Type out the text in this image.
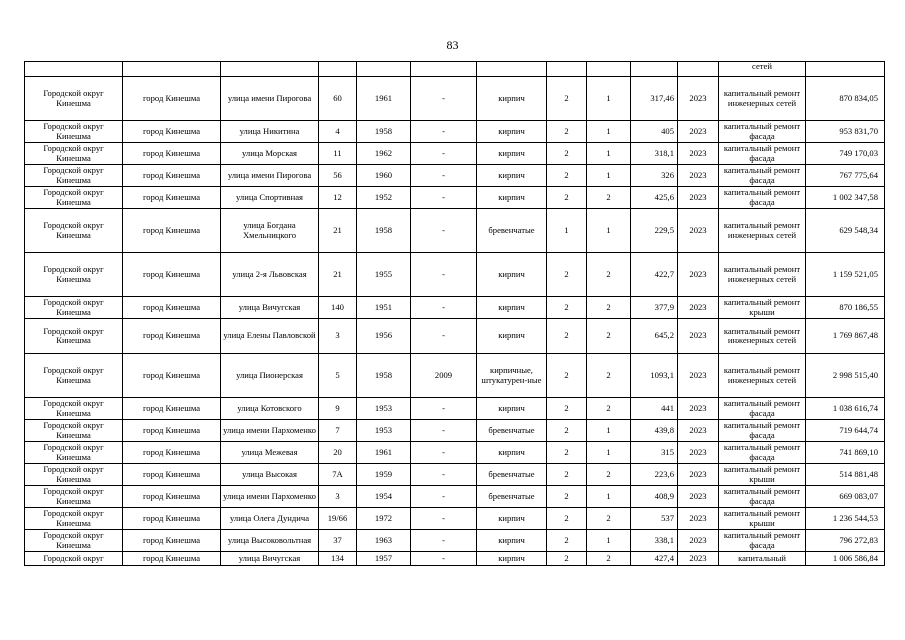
83
											сетей	
Городской округ Кинешма	город Кинешма	улица имени Пирогова	60	1961	-	кирпич	2	1	317,46	2023	капитальный ремонт инженерных сетей	870 834,05
Городской округ Кинешма	город Кинешма	улица Никитина	4	1958	-	кирпич	2	1	405	2023	капитальный ремонт фасада	953 831,70
Городской округ Кинешма	город Кинешма	улица Морская	11	1962	-	кирпич	2	1	318,1	2023	капитальный ремонт фасада	749 170,03
Городской округ Кинешма	город Кинешма	улица имени Пирогова	56	1960	-	кирпич	2	1	326	2023	капитальный ремонт фасада	767 775,64
Городской округ Кинешма	город Кинешма	улица Спортивная	12	1952	-	кирпич	2	2	425,6	2023	капитальный ремонт фасада	1 002 347,58
Городской округ Кинешма	город Кинешма	улица Богдана Хмельницкого	21	1958	-	бревенчатые	1	1	229,5	2023	капитальный ремонт инженерных сетей	629 548,34
Городской округ Кинешма	город Кинешма	улица 2-я Львовская	21	1955	-	кирпич	2	2	422,7	2023	капитальный ремонт инженерных сетей	1 159 521,05
Городской округ Кинешма	город Кинешма	улица Вичугская	140	1951	-	кирпич	2	2	377,9	2023	капитальный ремонт крыши	870 186,55
Городской округ Кинешма	город Кинешма	улица Елены Павловской	3	1956	-	кирпич	2	2	645,2	2023	капитальный ремонт инженерных сетей	1 769 867,48
Городской округ Кинешма	город Кинешма	улица Пионерская	5	1958	2009	кирпичные, штукатурен-ные	2	2	1093,1	2023	капитальный ремонт инженерных сетей	2 998 515,40
Городской округ Кинешма	город Кинешма	улица Котовского	9	1953	-	кирпич	2	2	441	2023	капитальный ремонт фасада	1 038 616,74
Городской округ Кинешма	город Кинешма	улица имени Пархоменко	7	1953	-	бревенчатые	2	1	439,8	2023	капитальный ремонт фасада	719 644,74
Городской округ Кинешма	город Кинешма	улица Межевая	20	1961	-	кирпич	2	1	315	2023	капитальный ремонт фасада	741 869,10
Городской округ Кинешма	город Кинешма	улица Высокая	7А	1959	-	бревенчатые	2	2	223,6	2023	капитальный ремонт крыши	514 881,48
Городской округ Кинешма	город Кинешма	улица имени Пархоменко	3	1954	-	бревенчатые	2	1	408,9	2023	капитальный ремонт фасада	669 083,07
Городской округ Кинешма	город Кинешма	улица Олега Дундича	19/66	1972	-	кирпич	2	2	537	2023	капитальный ремонт крыши	1 236 544,53
Городской округ Кинешма	город Кинешма	улица Высоковольтная	37	1963	-	кирпич	2	1	338,1	2023	капитальный ремонт фасада	796 272,83
Городской округ	город Кинешма	улица Вичугская	134	1957	-	кирпич	2	2	427,4	2023	капитальный	1 006 586,84
